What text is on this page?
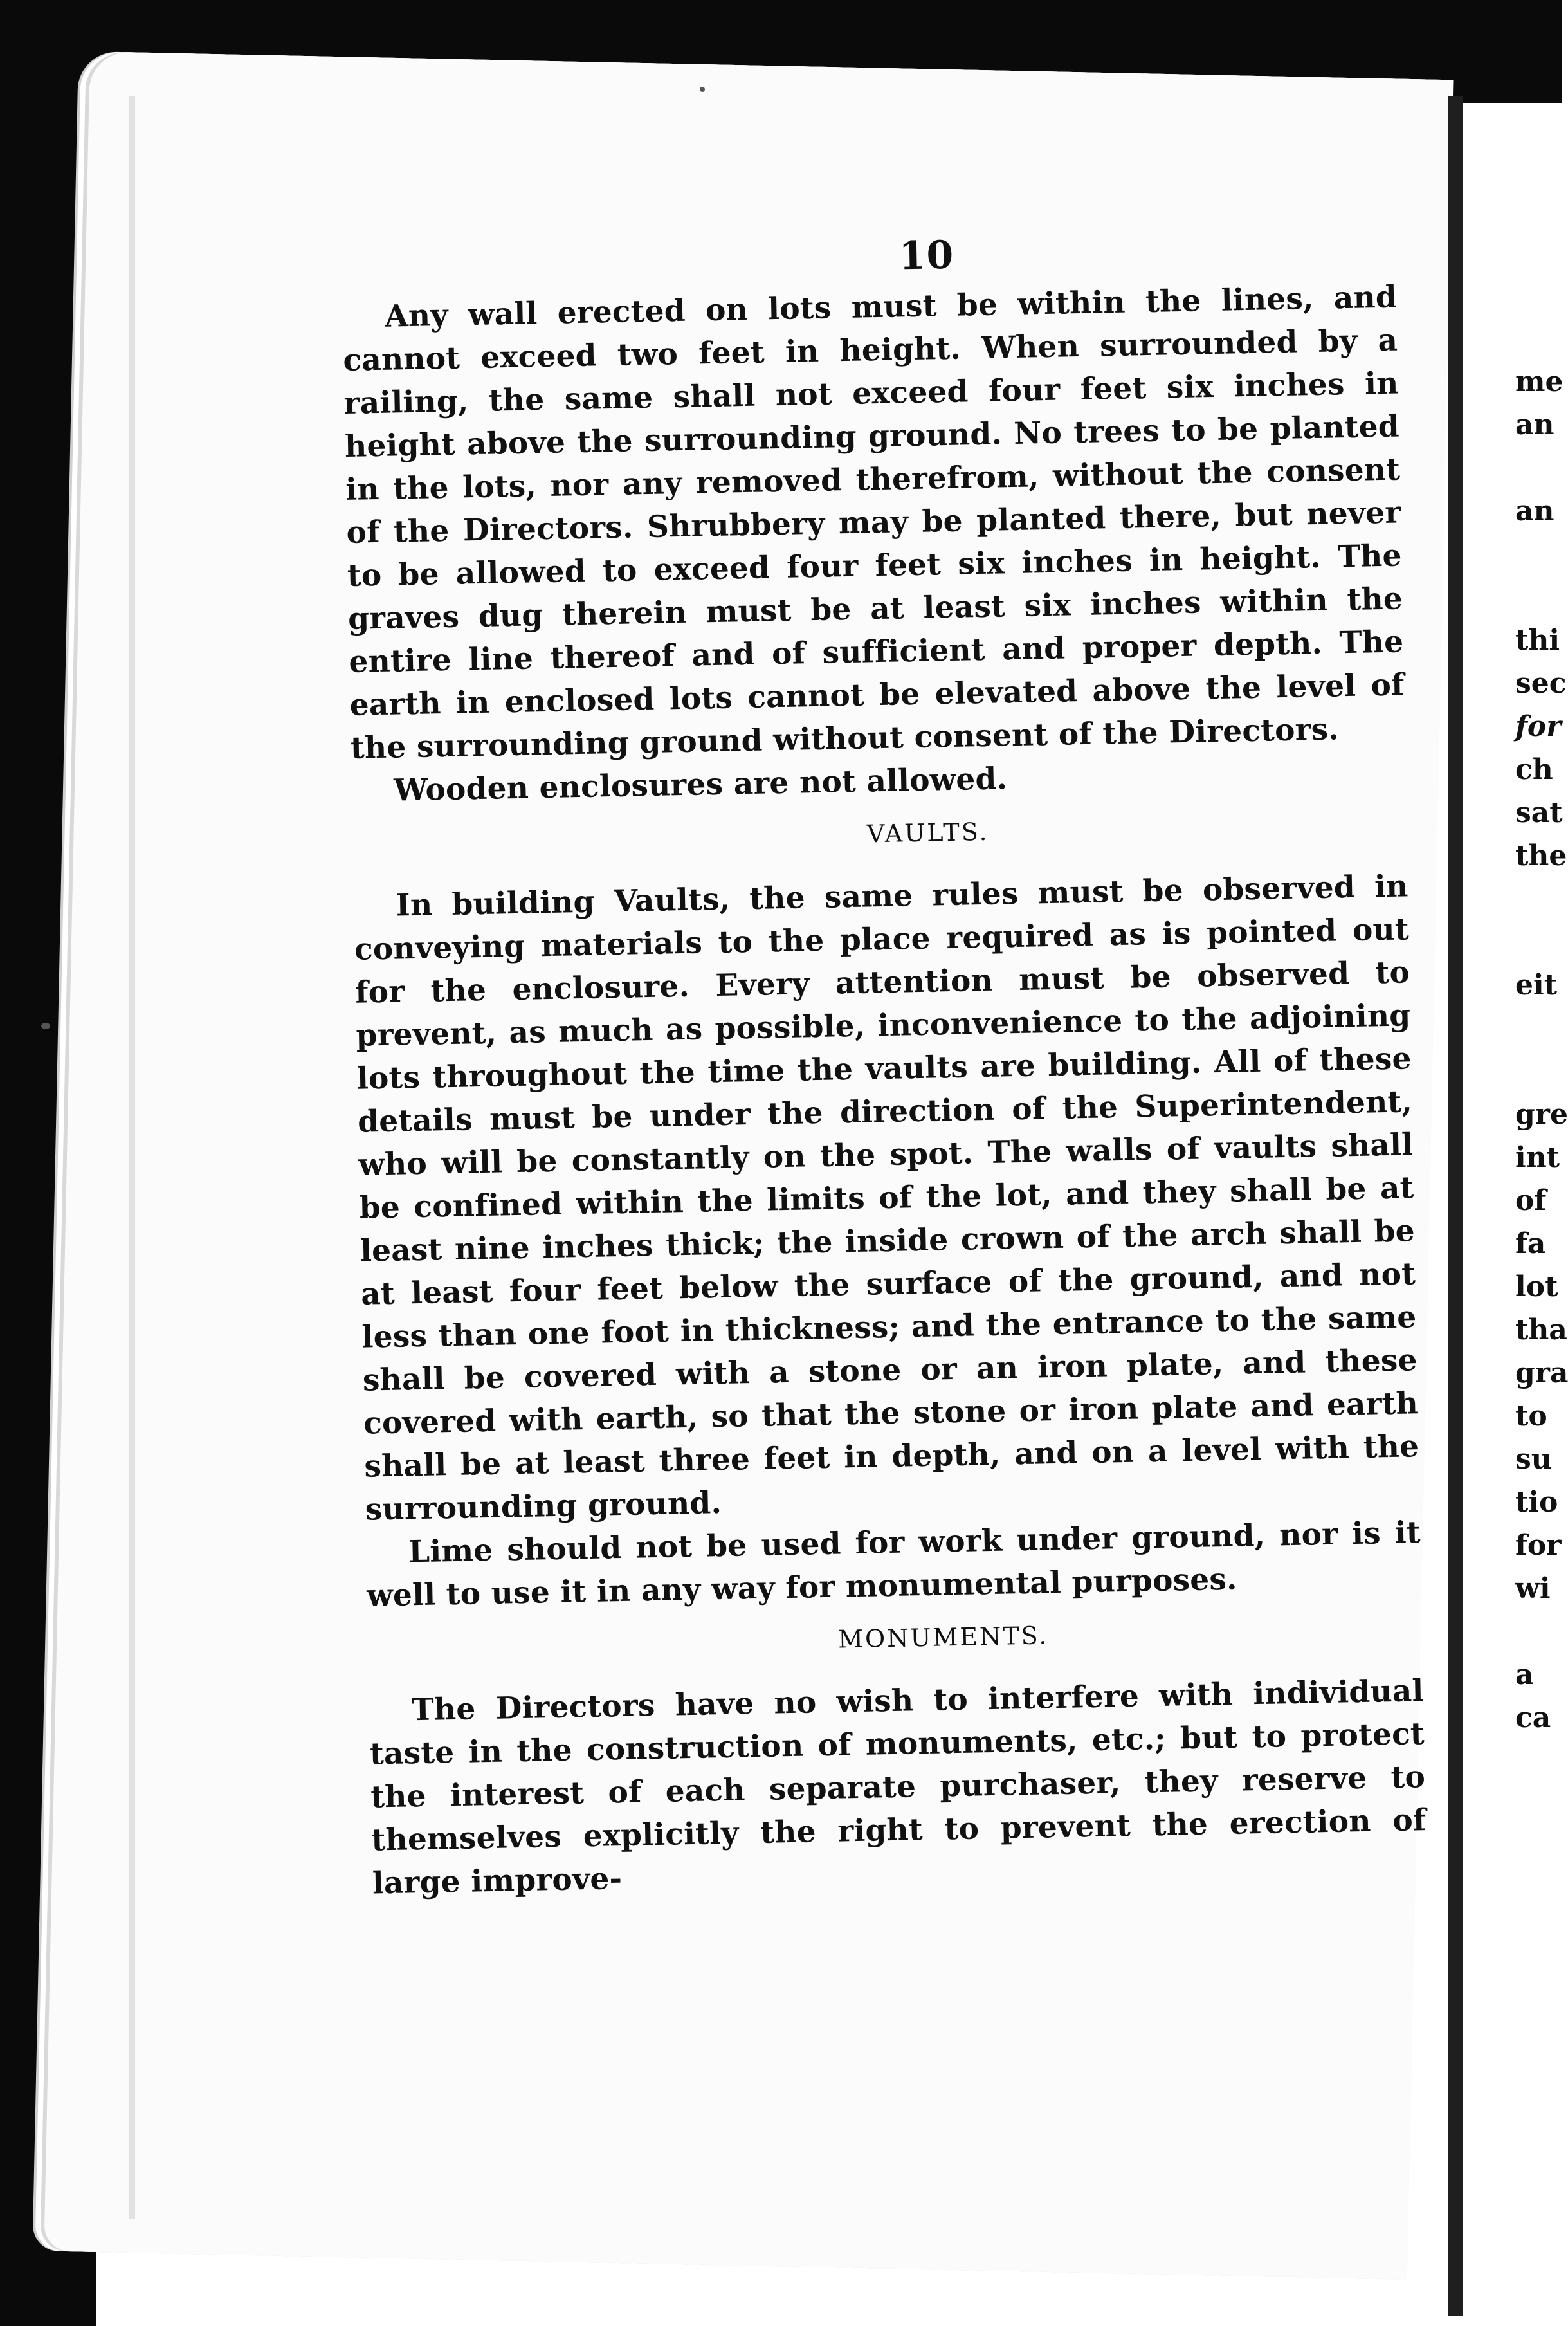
10

Any wall erected on lots must be within the lines, and cannot exceed two feet in height. When surrounded by a railing, the same shall not exceed four feet six inches in height above the surrounding ground. No trees to be planted in the lots, nor any removed therefrom, without the consent of the Directors. Shrubbery may be planted there, but never to be allowed to exceed four feet six inches in height. The graves dug therein must be at least six inches within the entire line thereof and of sufficient and proper depth. The earth in enclosed lots cannot be elevated above the level of the surrounding ground without consent of the Directors.

Wooden enclosures are not allowed.

VAULTS.

In building Vaults, the same rules must be observed in conveying materials to the place required as is pointed out for the enclosure. Every attention must be observed to prevent, as much as possible, inconvenience to the adjoining lots throughout the time the vaults are building. All of these details must be under the direction of the Superintendent, who will be constantly on the spot. The walls of vaults shall be confined within the limits of the lot, and they shall be at least nine inches thick; the inside crown of the arch shall be at least four feet below the surface of the ground, and not less than one foot in thickness; and the entrance to the same shall be covered with a stone or an iron plate, and these covered with earth, so that the stone or iron plate and earth shall be at least three feet in depth, and on a level with the surrounding ground.

Lime should not be used for work under ground, nor is it well to use it in any way for monumental purposes.

MONUMENTS.

The Directors have no wish to interfere with individual taste in the construction of monuments, etc.; but to protect the interest of each separate purchaser, they reserve to themselves explicitly the right to prevent the erection of large improve-

me
an
an
thi
sec
for
ch
sat
the
eit
gre
int
of
fa
lot
tha
gra
to
su
tio
for
wi
a
ca
